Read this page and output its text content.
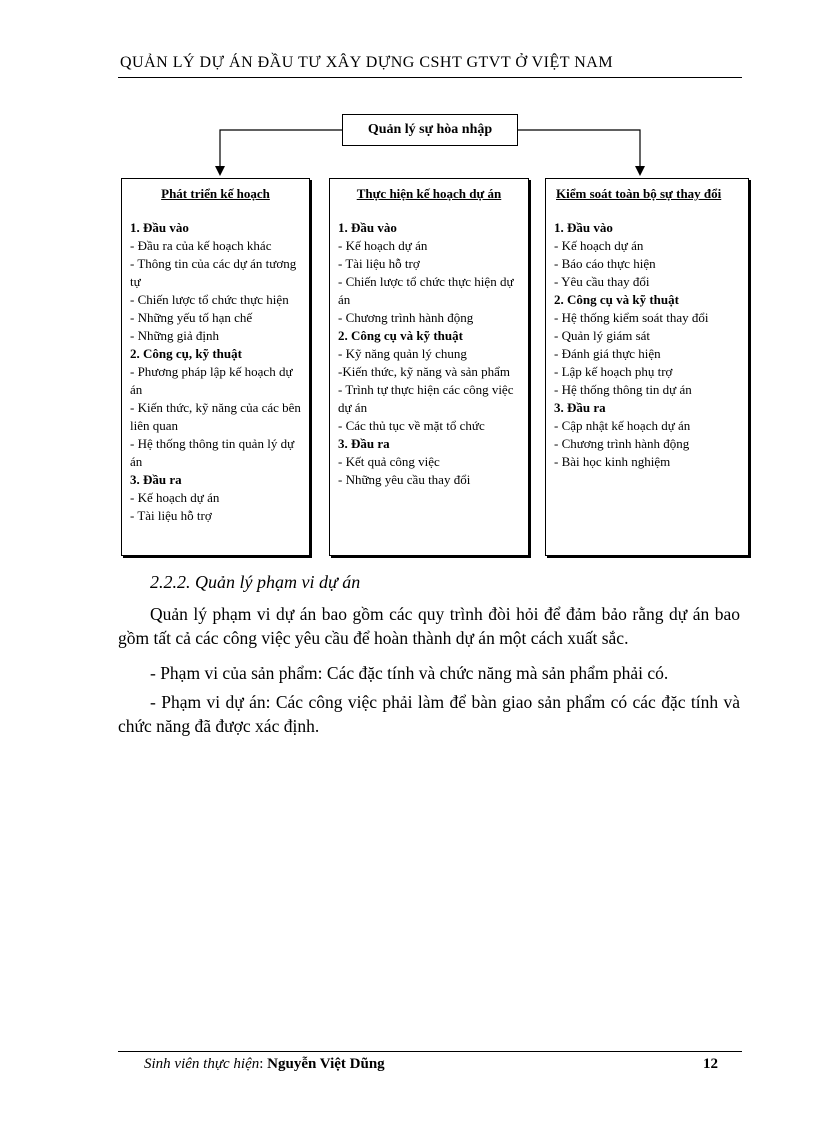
QUẢN LÝ DỰ ÁN ĐẦU TƯ XÂY DỰNG CSHT GTVT Ở VIỆT NAM
Quản lý sự hòa nhập
Phát triển kế hoạch
1. Đầu vào
- Đầu ra của kế hoạch khác
- Thông tin của các dự án tương tự
- Chiến lược tổ chức thực hiện
- Những yếu tố hạn chế
- Những giả định
2. Công cụ, kỹ thuật
- Phương pháp lập kế hoạch dự án
- Kiến thức, kỹ năng của các bên liên quan
- Hệ thống thông tin quản lý dự án
3. Đầu ra
- Kế hoạch dự án
- Tài liệu hỗ trợ
Thực hiện kế hoạch dự án
1. Đầu vào
- Kế hoạch dự án
- Tài liệu hỗ trợ
- Chiến lược tổ chức thực hiện dự án
- Chương trình hành động
2. Công cụ và kỹ thuật
- Kỹ năng quản lý chung
-Kiến thức, kỹ năng và sản phẩm
- Trình tự thực hiện các công việc dự án
- Các thủ tục về mặt tổ chức
3. Đầu ra
- Kết quả công việc
- Những yêu cầu thay đổi
Kiểm soát toàn bộ sự thay đổi
1. Đầu vào
- Kế hoạch dự án
- Báo cáo thực hiện
- Yêu cầu thay đổi
2. Công cụ và kỹ thuật
- Hệ thống kiểm soát thay đổi
- Quản lý giám sát
- Đánh giá thực hiện
- Lập kế hoạch phụ trợ
- Hệ thống thông tin dự án
3. Đầu ra
- Cập nhật kế hoạch dự án
- Chương trình hành động
- Bài học kinh nghiệm
2.2.2. Quản lý phạm vi dự án
Quản lý phạm vi dự án bao gồm các quy trình đòi hỏi để đảm bảo rằng dự án bao gồm tất cả các công việc yêu cầu để hoàn thành dự án một cách xuất sắc.
- Phạm vi của sản phẩm: Các đặc tính và chức năng mà sản phẩm phải có.
- Phạm vi dự án: Các công việc phải làm để bàn giao sản phẩm có các đặc tính và chức năng đã được xác định.
Sinh viên thực hiện: Nguyễn Việt Dũng	12
